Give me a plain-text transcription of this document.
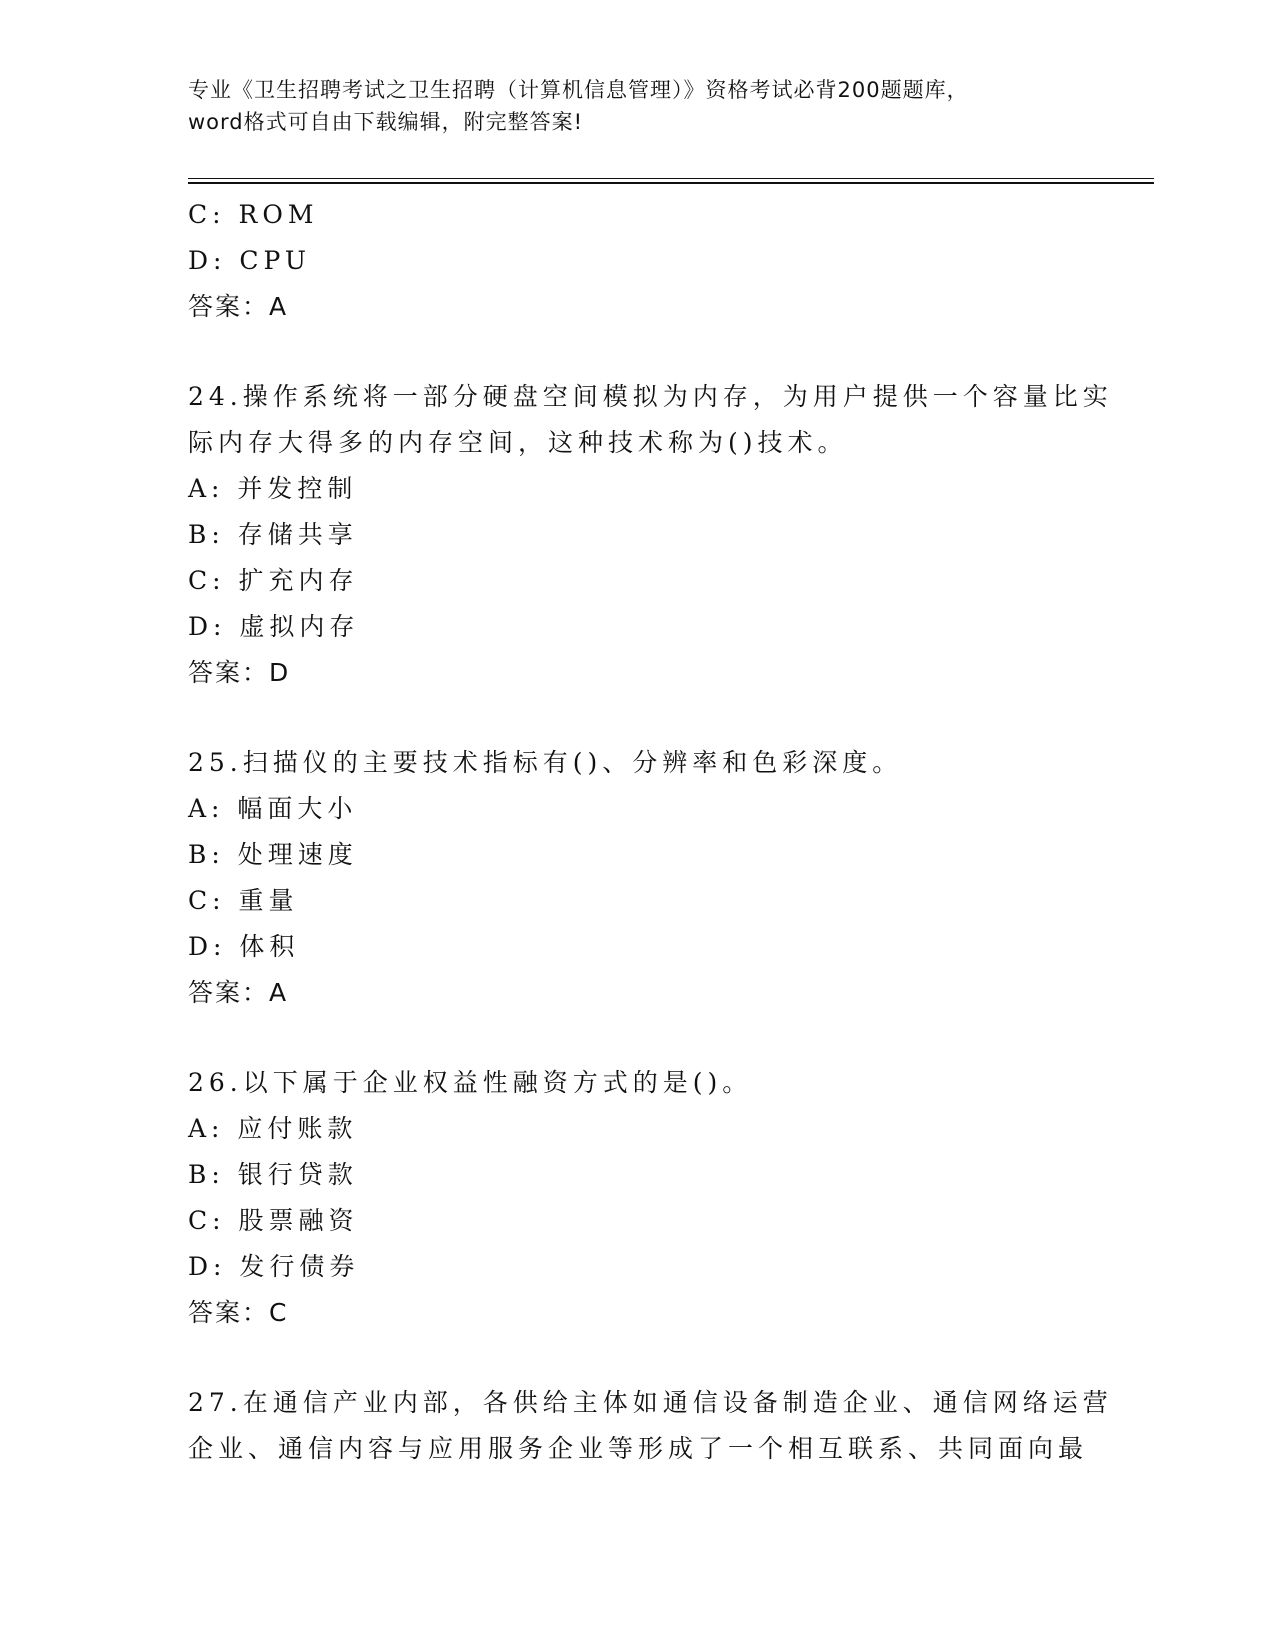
专业《卫生招聘考试之卫生招聘（计算机信息管理）》资格考试必背200题题库，
word格式可自由下载编辑，附完整答案!
C: ROM
D: CPU
答案：A
24.操作系统将一部分硬盘空间模拟为内存，为用户提供一个容量比实
际内存大得多的内存空间，这种技术称为()技术。
A: 并发控制
B: 存储共享
C: 扩充内存
D: 虚拟内存
答案：D
25.扫描仪的主要技术指标有()、分辨率和色彩深度。
A: 幅面大小
B: 处理速度
C: 重量
D: 体积
答案：A
26.以下属于企业权益性融资方式的是()。
A: 应付账款
B: 银行贷款
C: 股票融资
D: 发行债券
答案：C
27.在通信产业内部，各供给主体如通信设备制造企业、通信网络运营
企业、通信内容与应用服务企业等形成了一个相互联系、共同面向最
